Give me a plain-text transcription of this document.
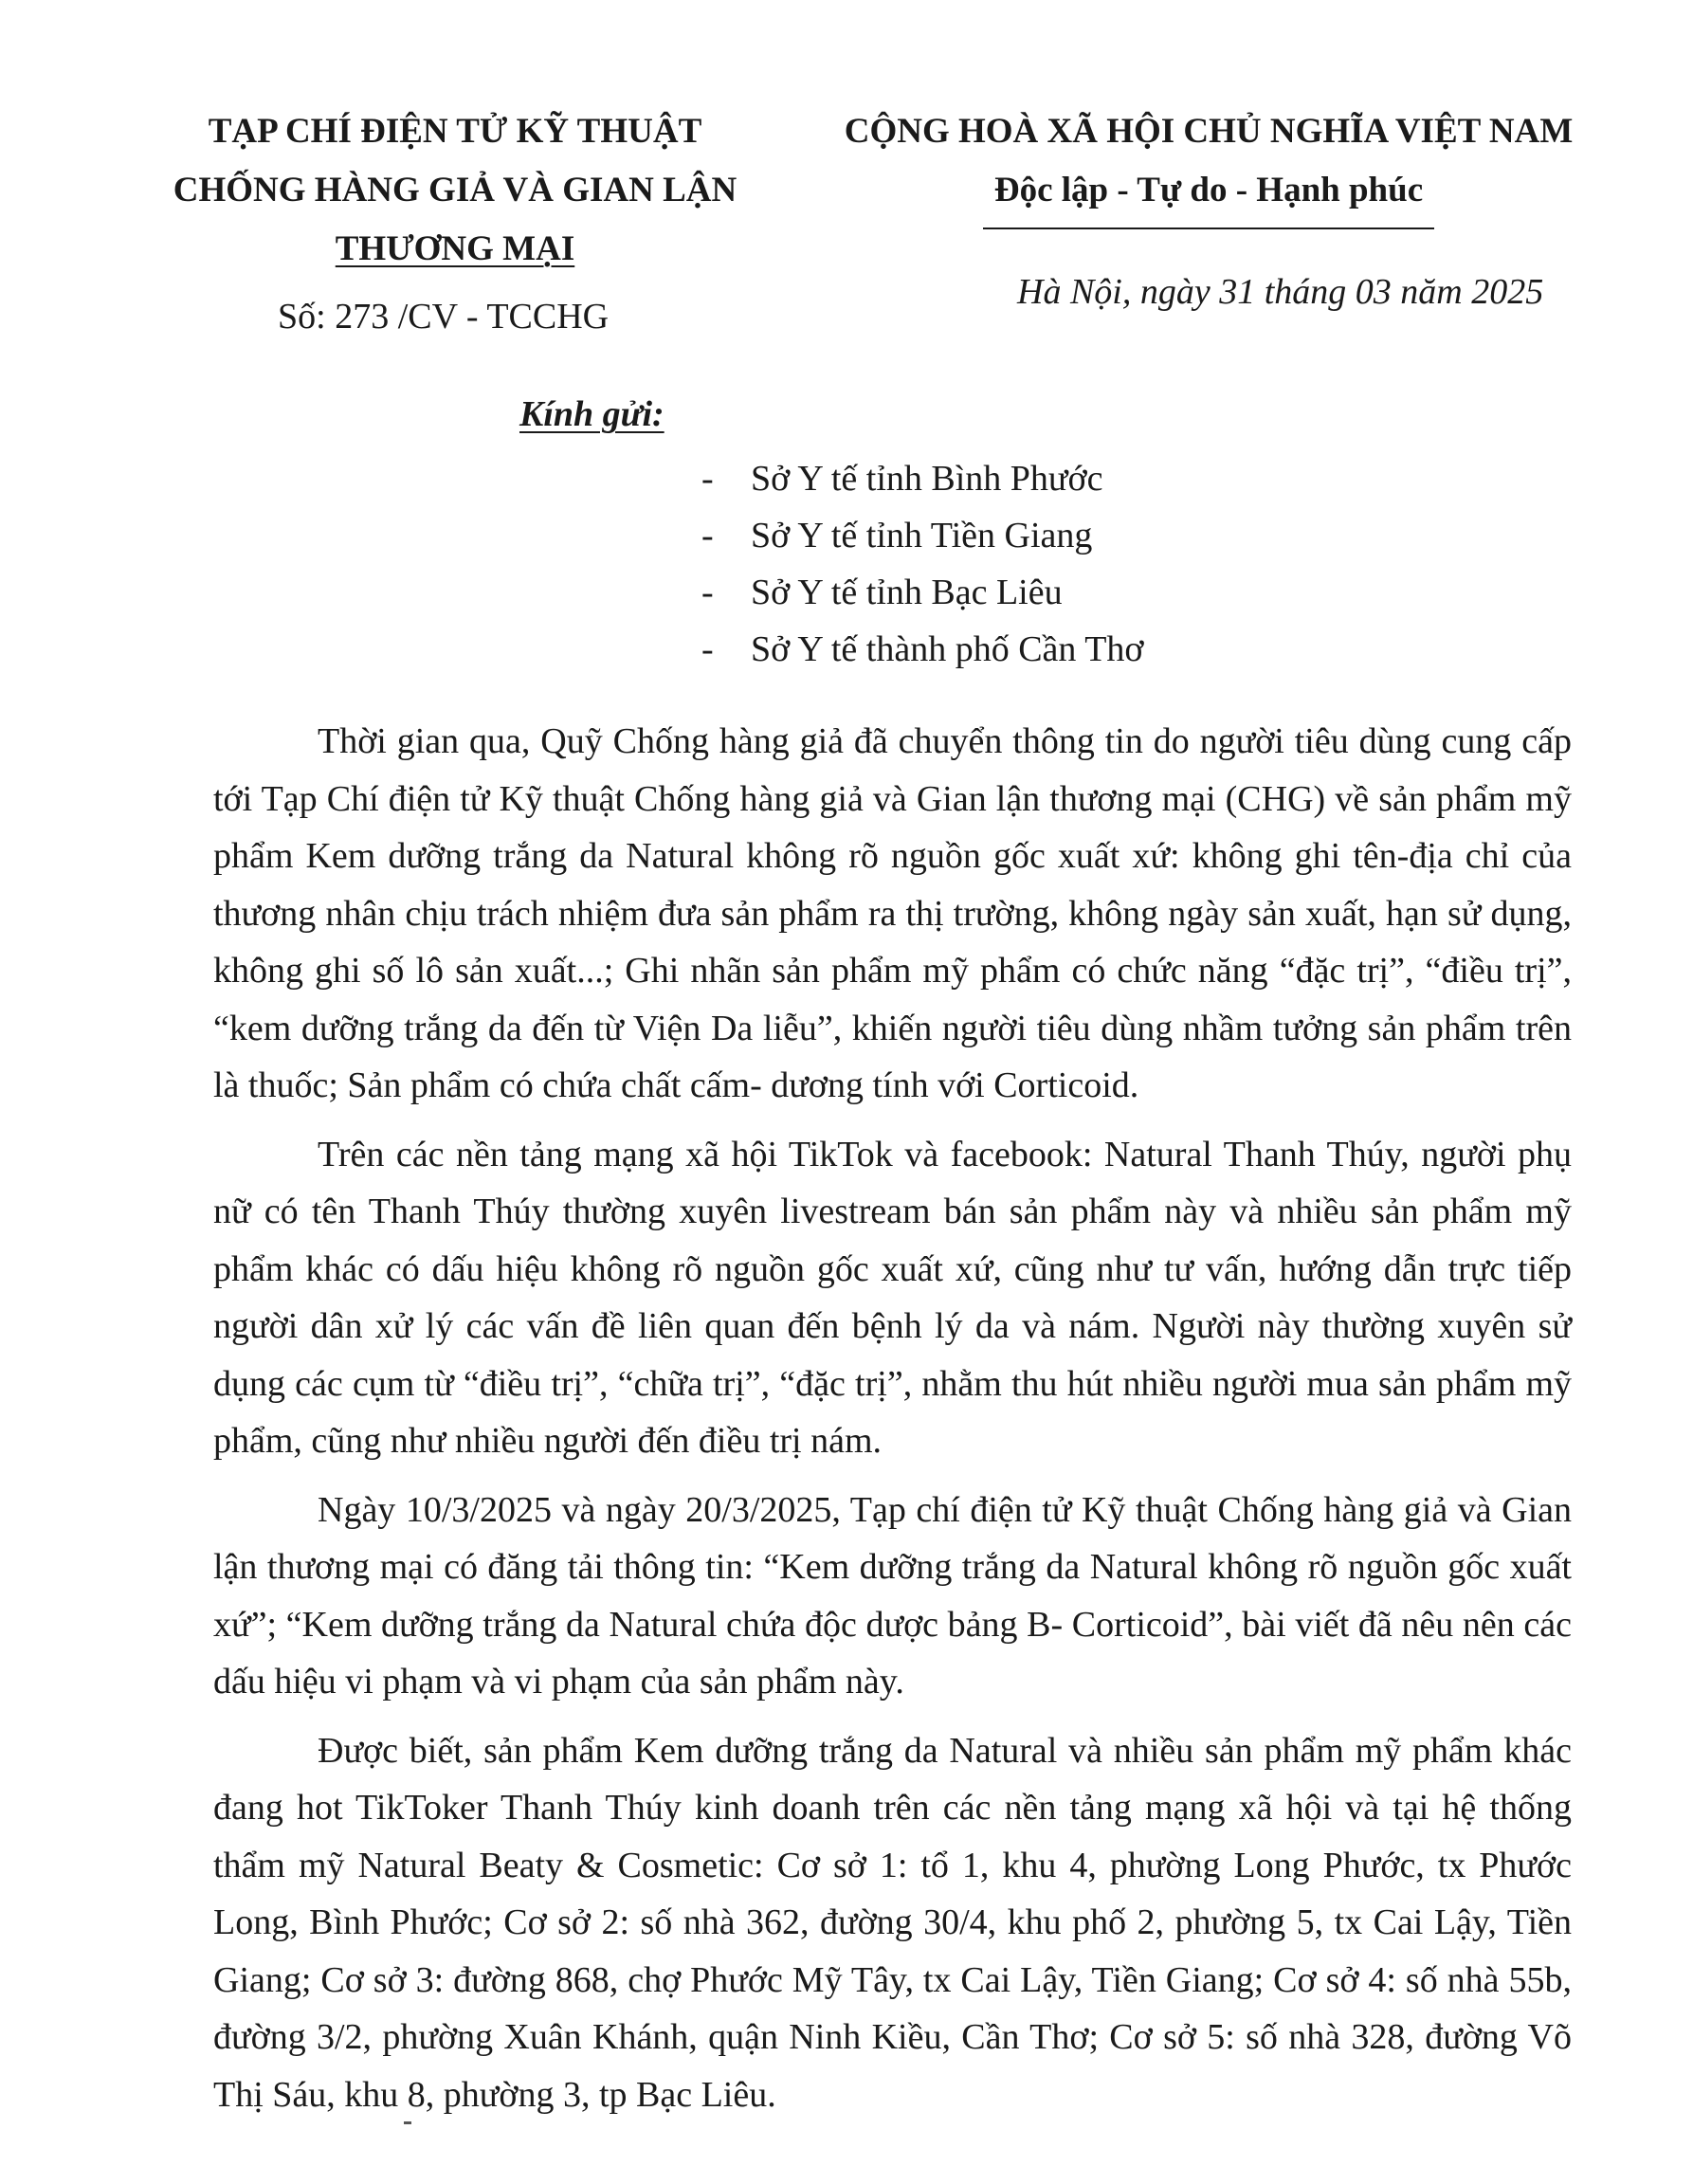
TẠP CHÍ ĐIỆN TỬ KỸ THUẬT
CHỐNG HÀNG GIẢ VÀ GIAN LẬN
THƯƠNG MẠI
Số: 273 /CV - TCCHG
CỘNG HOÀ XÃ HỘI CHỦ NGHĨA VIỆT NAM
Độc lập - Tự do - Hạnh phúc
Hà Nội, ngày 31 tháng 03 năm 2025
Kính gửi:
- Sở Y tế tỉnh Bình Phước
- Sở Y tế tỉnh Tiền Giang
- Sở Y tế tỉnh Bạc Liêu
- Sở Y tế thành phố Cần Thơ

Thời gian qua, Quỹ Chống hàng giả đã chuyển thông tin do người tiêu dùng cung cấp tới Tạp Chí điện tử Kỹ thuật Chống hàng giả và Gian lận thương mại (CHG) về sản phẩm mỹ phẩm Kem dưỡng trắng da Natural không rõ nguồn gốc xuất xứ: không ghi tên-địa chỉ của thương nhân chịu trách nhiệm đưa sản phẩm ra thị trường, không ngày sản xuất, hạn sử dụng, không ghi số lô sản xuất...; Ghi nhãn sản phẩm mỹ phẩm có chức năng “đặc trị”, “điều trị”, “kem dưỡng trắng da đến từ Viện Da liễu”, khiến người tiêu dùng nhầm tưởng sản phẩm trên là thuốc; Sản phẩm có chứa chất cấm- dương tính với Corticoid.

Trên các nền tảng mạng xã hội TikTok và facebook: Natural Thanh Thúy, người phụ nữ có tên Thanh Thúy thường xuyên livestream bán sản phẩm này và nhiều sản phẩm mỹ phẩm khác có dấu hiệu không rõ nguồn gốc xuất xứ, cũng như tư vấn, hướng dẫn trực tiếp người dân xử lý các vấn đề liên quan đến bệnh lý da và nám. Người này thường xuyên sử dụng các cụm từ “điều trị”, “chữa trị”, “đặc trị”, nhằm thu hút nhiều người mua sản phẩm mỹ phẩm, cũng như nhiều người đến điều trị nám.

Ngày 10/3/2025 và ngày 20/3/2025, Tạp chí điện tử Kỹ thuật Chống hàng giả và Gian lận thương mại có đăng tải thông tin: “Kem dưỡng trắng da Natural không rõ nguồn gốc xuất xứ”; “Kem dưỡng trắng da Natural chứa độc dược bảng B- Corticoid”, bài viết đã nêu nên các dấu hiệu vi phạm và vi phạm của sản phẩm này.

Được biết, sản phẩm Kem dưỡng trắng da Natural và nhiều sản phẩm mỹ phẩm khác đang hot TikToker Thanh Thúy kinh doanh trên các nền tảng mạng xã hội và tại hệ thống thẩm mỹ Natural Beaty & Cosmetic: Cơ sở 1: tổ 1, khu 4, phường Long Phước, tx Phước Long, Bình Phước; Cơ sở 2: số nhà 362, đường 30/4, khu phố 2, phường 5, tx Cai Lậy, Tiền Giang; Cơ sở 3: đường 868, chợ Phước Mỹ Tây, tx Cai Lậy, Tiền Giang; Cơ sở 4: số nhà 55b, đường 3/2, phường Xuân Khánh, quận Ninh Kiều, Cần Thơ; Cơ sở 5: số nhà 328, đường Võ Thị Sáu, khu 8, phường 3, tp Bạc Liêu.
